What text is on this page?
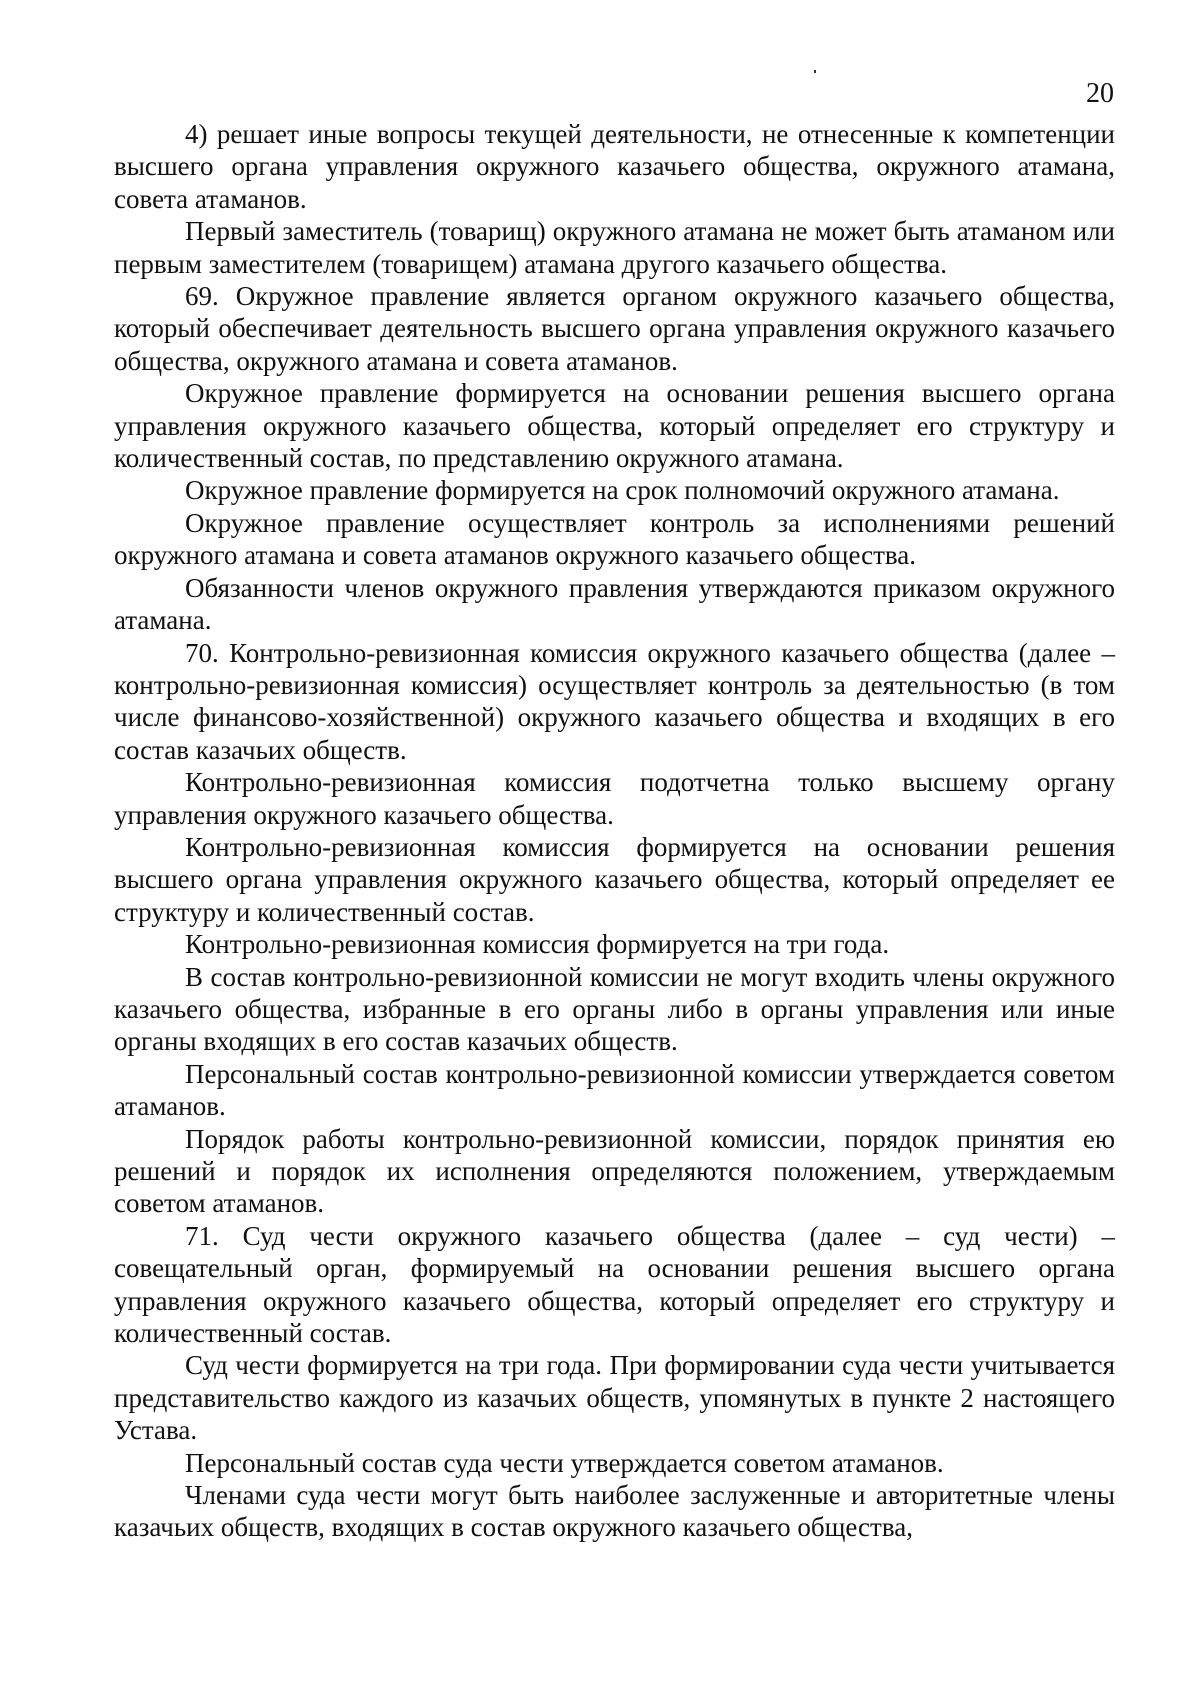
20

4) решает иные вопросы текущей деятельности, не отнесенные к компетенции высшего органа управления окружного казачьего общества, окружного атамана, совета атаманов.

Первый заместитель (товарищ) окружного атамана не может быть атаманом или первым заместителем (товарищем) атамана другого казачьего общества.

69. Окружное правление является органом окружного казачьего общества, который обеспечивает деятельность высшего органа управления окружного казачьего общества, окружного атамана и совета атаманов.

Окружное правление формируется на основании решения высшего органа управления окружного казачьего общества, который определяет его структуру и количественный состав, по представлению окружного атамана.

Окружное правление формируется на срок полномочий окружного атамана.

Окружное правление осуществляет контроль за исполнениями решений окружного атамана и совета атаманов окружного казачьего общества.

Обязанности членов окружного правления утверждаются приказом окружного атамана.

70. Контрольно-ревизионная комиссия окружного казачьего общества (далее – контрольно-ревизионная комиссия) осуществляет контроль за деятельностью (в том числе финансово-хозяйственной) окружного казачьего общества и входящих в его состав казачьих обществ.

Контрольно-ревизионная комиссия подотчетна только высшему органу управления окружного казачьего общества.

Контрольно-ревизионная комиссия формируется на основании решения высшего органа управления окружного казачьего общества, который определяет ее структуру и количественный состав.

Контрольно-ревизионная комиссия формируется на три года.

В состав контрольно-ревизионной комиссии не могут входить члены окружного казачьего общества, избранные в его органы либо в органы управления или иные органы входящих в его состав казачьих обществ.

Персональный состав контрольно-ревизионной комиссии утверждается советом атаманов.

Порядок работы контрольно-ревизионной комиссии, порядок принятия ею решений и порядок их исполнения определяются положением, утверждаемым советом атаманов.

71. Суд чести окружного казачьего общества (далее – суд чести) – совещательный орган, формируемый на основании решения высшего органа управления окружного казачьего общества, который определяет его структуру и количественный состав.

Суд чести формируется на три года. При формировании суда чести учитывается представительство каждого из казачьих обществ, упомянутых в пункте 2 настоящего Устава.

Персональный состав суда чести утверждается советом атаманов.

Членами суда чести могут быть наиболее заслуженные и авторитетные члены казачьих обществ, входящих в состав окружного казачьего общества,
